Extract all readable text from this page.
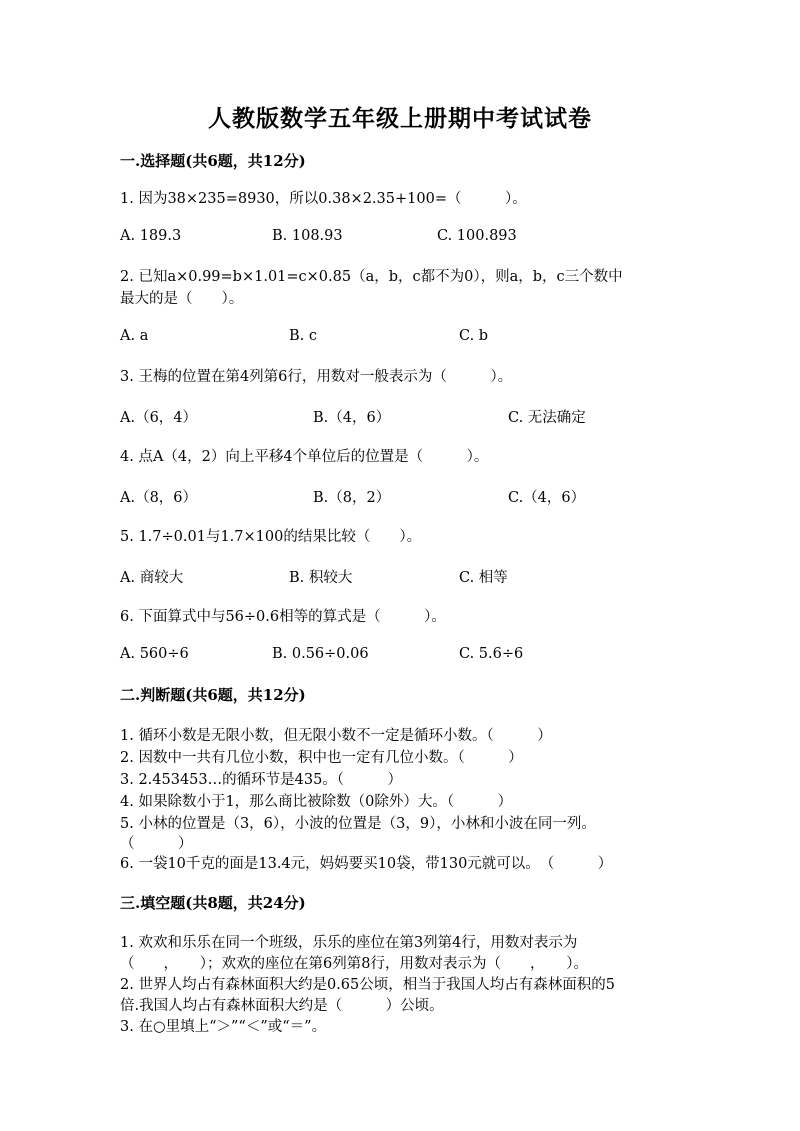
人教版数学五年级上册期中考试试卷
一.选择题(共6题，共12分)
1. 因为38×235=8930，所以0.38×2.35+100=（　　　）。
A. 189.3	B. 108.93	C. 100.893
2. 已知a×0.99=b×1.01=c×0.85（a，b，c都不为0），则a，b，c三个数中
最大的是（　　）。
A. a	B. c	C. b
3. 王梅的位置在第4列第6行，用数对一般表示为（　　　）。
A.（6，4）	B.（4，6）	C. 无法确定
4. 点A（4，2）向上平移4个单位后的位置是（　　　）。
A.（8，6）	B.（8，2）	C.（4，6）
5. 1.7÷0.01与1.7×100的结果比较（　　）。
A. 商较大	B. 积较大	C. 相等
6. 下面算式中与56÷0.6相等的算式是（　　　）。
A. 560÷6	B. 0.56÷0.06	C. 5.6÷6
二.判断题(共6题，共12分)
1. 循环小数是无限小数，但无限小数不一定是循环小数。（　　　）
2. 因数中一共有几位小数，积中也一定有几位小数。（　　　）
3. 2.453453…的循环节是435。（　　　）
4. 如果除数小于1，那么商比被除数（0除外）大。（　　　）
5. 小林的位置是（3，6），小波的位置是（3，9），小林和小波在同一列。
（　　　）
6. 一袋10千克的面是13.4元，妈妈要买10袋，带130元就可以。　（　　　）
三.填空题(共8题，共24分)
1. 欢欢和乐乐在同一个班级，乐乐的座位在第3列第4行，用数对表示为
（　　，　　）；欢欢的座位在第6列第8行，用数对表示为（　　，　　）。
2. 世界人均占有森林面积大约是0.65公顷，相当于我国人均占有森林面积的5
倍.我国人均占有森林面积大约是（　　　）公顷。
3. 在○里填上“＞”“＜”或“＝”。
